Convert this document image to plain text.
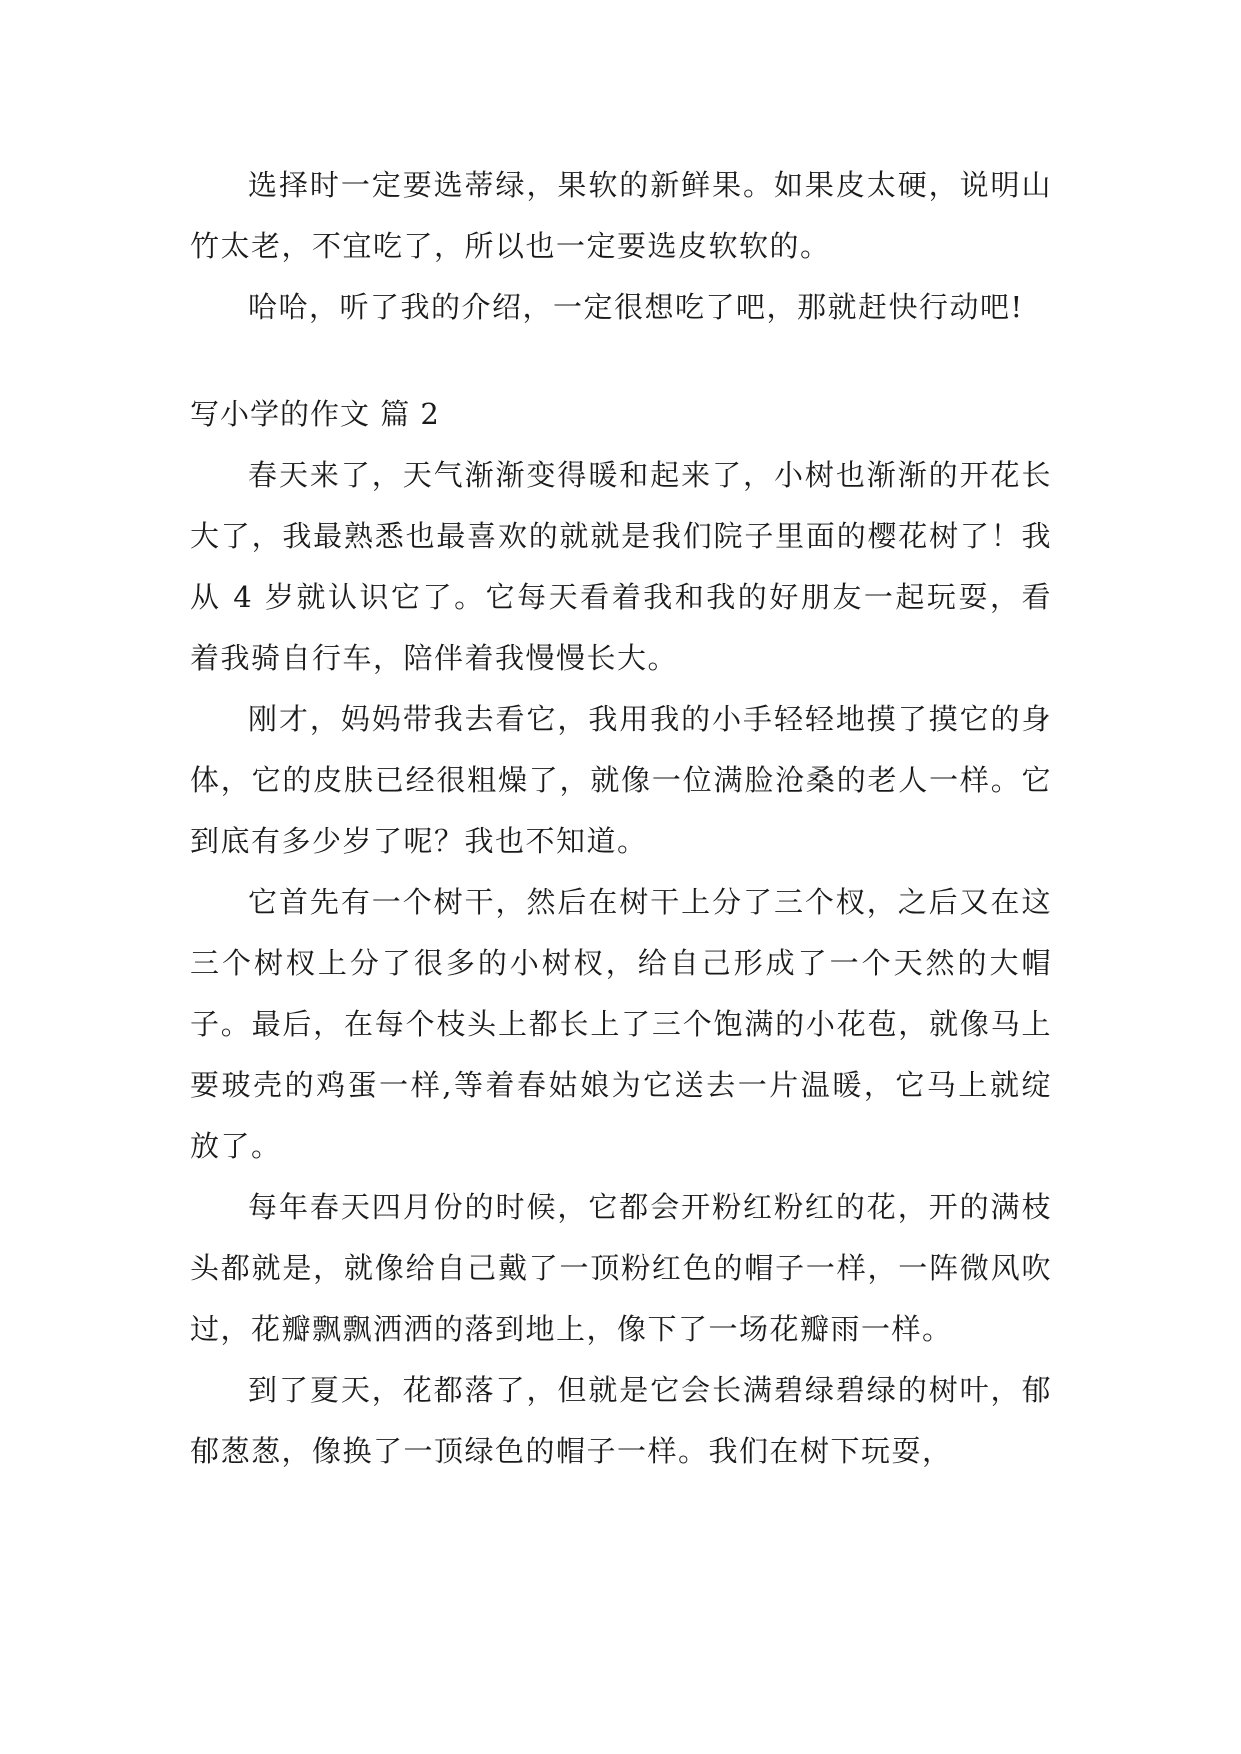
选择时一定要选蒂绿，果软的新鲜果。如果皮太硬，说明山竹太老，不宜吃了，所以也一定要选皮软软的。

哈哈，听了我的介绍，一定很想吃了吧，那就赶快行动吧!

写小学的作文 篇 2

春天来了，天气渐渐变得暖和起来了，小树也渐渐的开花长大了，我最熟悉也最喜欢的就就是我们院子里面的樱花树了！我从 4 岁就认识它了。它每天看着我和我的好朋友一起玩耍，看着我骑自行车，陪伴着我慢慢长大。

刚才，妈妈带我去看它，我用我的小手轻轻地摸了摸它的身体，它的皮肤已经很粗燥了，就像一位满脸沧桑的老人一样。它到底有多少岁了呢？我也不知道。

它首先有一个树干，然后在树干上分了三个杈，之后又在这三个树杈上分了很多的小树杈，给自己形成了一个天然的大帽子。最后，在每个枝头上都长上了三个饱满的小花苞，就像马上要玻壳的鸡蛋一样,等着春姑娘为它送去一片温暖，它马上就绽放了。

每年春天四月份的时候，它都会开粉红粉红的花，开的满枝头都就是，就像给自己戴了一顶粉红色的帽子一样，一阵微风吹过，花瓣飘飘洒洒的落到地上，像下了一场花瓣雨一样。

到了夏天，花都落了，但就是它会长满碧绿碧绿的树叶，郁郁葱葱，像换了一顶绿色的帽子一样。我们在树下玩耍，
